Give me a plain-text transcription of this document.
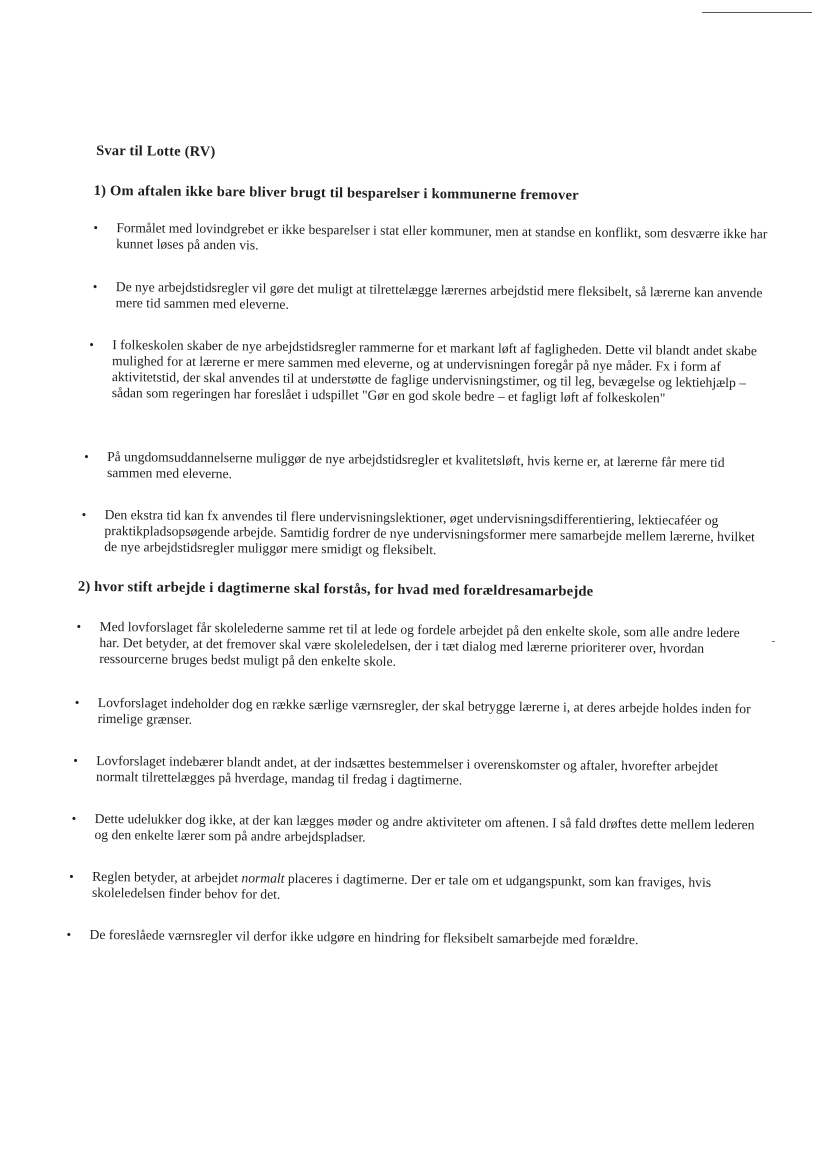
Svar til Lotte (RV)
1) Om aftalen ikke bare bliver brugt til besparelser i kommunerne fremover
• Formålet med lovindgrebet er ikke besparelser i stat eller kommuner, men at standse en konflikt, som desværre ikke har kunnet løses på anden vis.

• De nye arbejdstidsregler vil gøre det muligt at tilrettelægge lærernes arbejdstid mere fleksibelt, så lærerne kan anvende mere tid sammen med eleverne.

• I folkeskolen skaber de nye arbejdstidsregler rammerne for et markant løft af fagligheden. Dette vil blandt andet skabe mulighed for at lærerne er mere sammen med eleverne, og at undervisningen foregår på nye måder. Fx i form af aktivitetstid, der skal anvendes til at understøtte de faglige undervisningstimer, og til leg, bevægelse og lektiehjælp – sådan som regeringen har foreslået i udspillet "Gør en god skole bedre – et fagligt løft af folkeskolen"

• På ungdomsuddannelserne muliggør de nye arbejdstidsregler et kvalitetsløft, hvis kerne er, at lærerne får mere tid sammen med eleverne.

• Den ekstra tid kan fx anvendes til flere undervisningslektioner, øget undervisningsdifferentiering, lektiecaféer og praktikpladsopsøgende arbejde. Samtidig fordrer de nye undervisningsformer mere samarbejde mellem lærerne, hvilket de nye arbejdstidsregler muliggør mere smidigt og fleksibelt.

2) hvor stift arbejde i dagtimerne skal forstås, for hvad med forældresamarbejde
• Med lovforslaget får skolelederne samme ret til at lede og fordele arbejdet på den enkelte skole, som alle andre ledere har. Det betyder, at det fremover skal være skoleledelsen, der i tæt dialog med lærerne prioriterer over, hvordan ressourcerne bruges bedst muligt på den enkelte skole.

• Lovforslaget indeholder dog en række særlige værnsregler, der skal betrygge lærerne i, at deres arbejde holdes inden for rimelige grænser.

• Lovforslaget indebærer blandt andet, at der indsættes bestemmelser i overenskomster og aftaler, hvorefter arbejdet normalt tilrettelægges på hverdage, mandag til fredag i dagtimerne.

• Dette udelukker dog ikke, at der kan lægges møder og andre aktiviteter om aftenen. I så fald drøftes dette mellem lederen og den enkelte lærer som på andre arbejdspladser.

• Reglen betyder, at arbejdet normalt placeres i dagtimerne. Der er tale om et udgangspunkt, som kan fraviges, hvis skoleledelsen finder behov for det.

• De foreslåede værnsregler vil derfor ikke udgøre en hindring for fleksibelt samarbejde med forældre.
